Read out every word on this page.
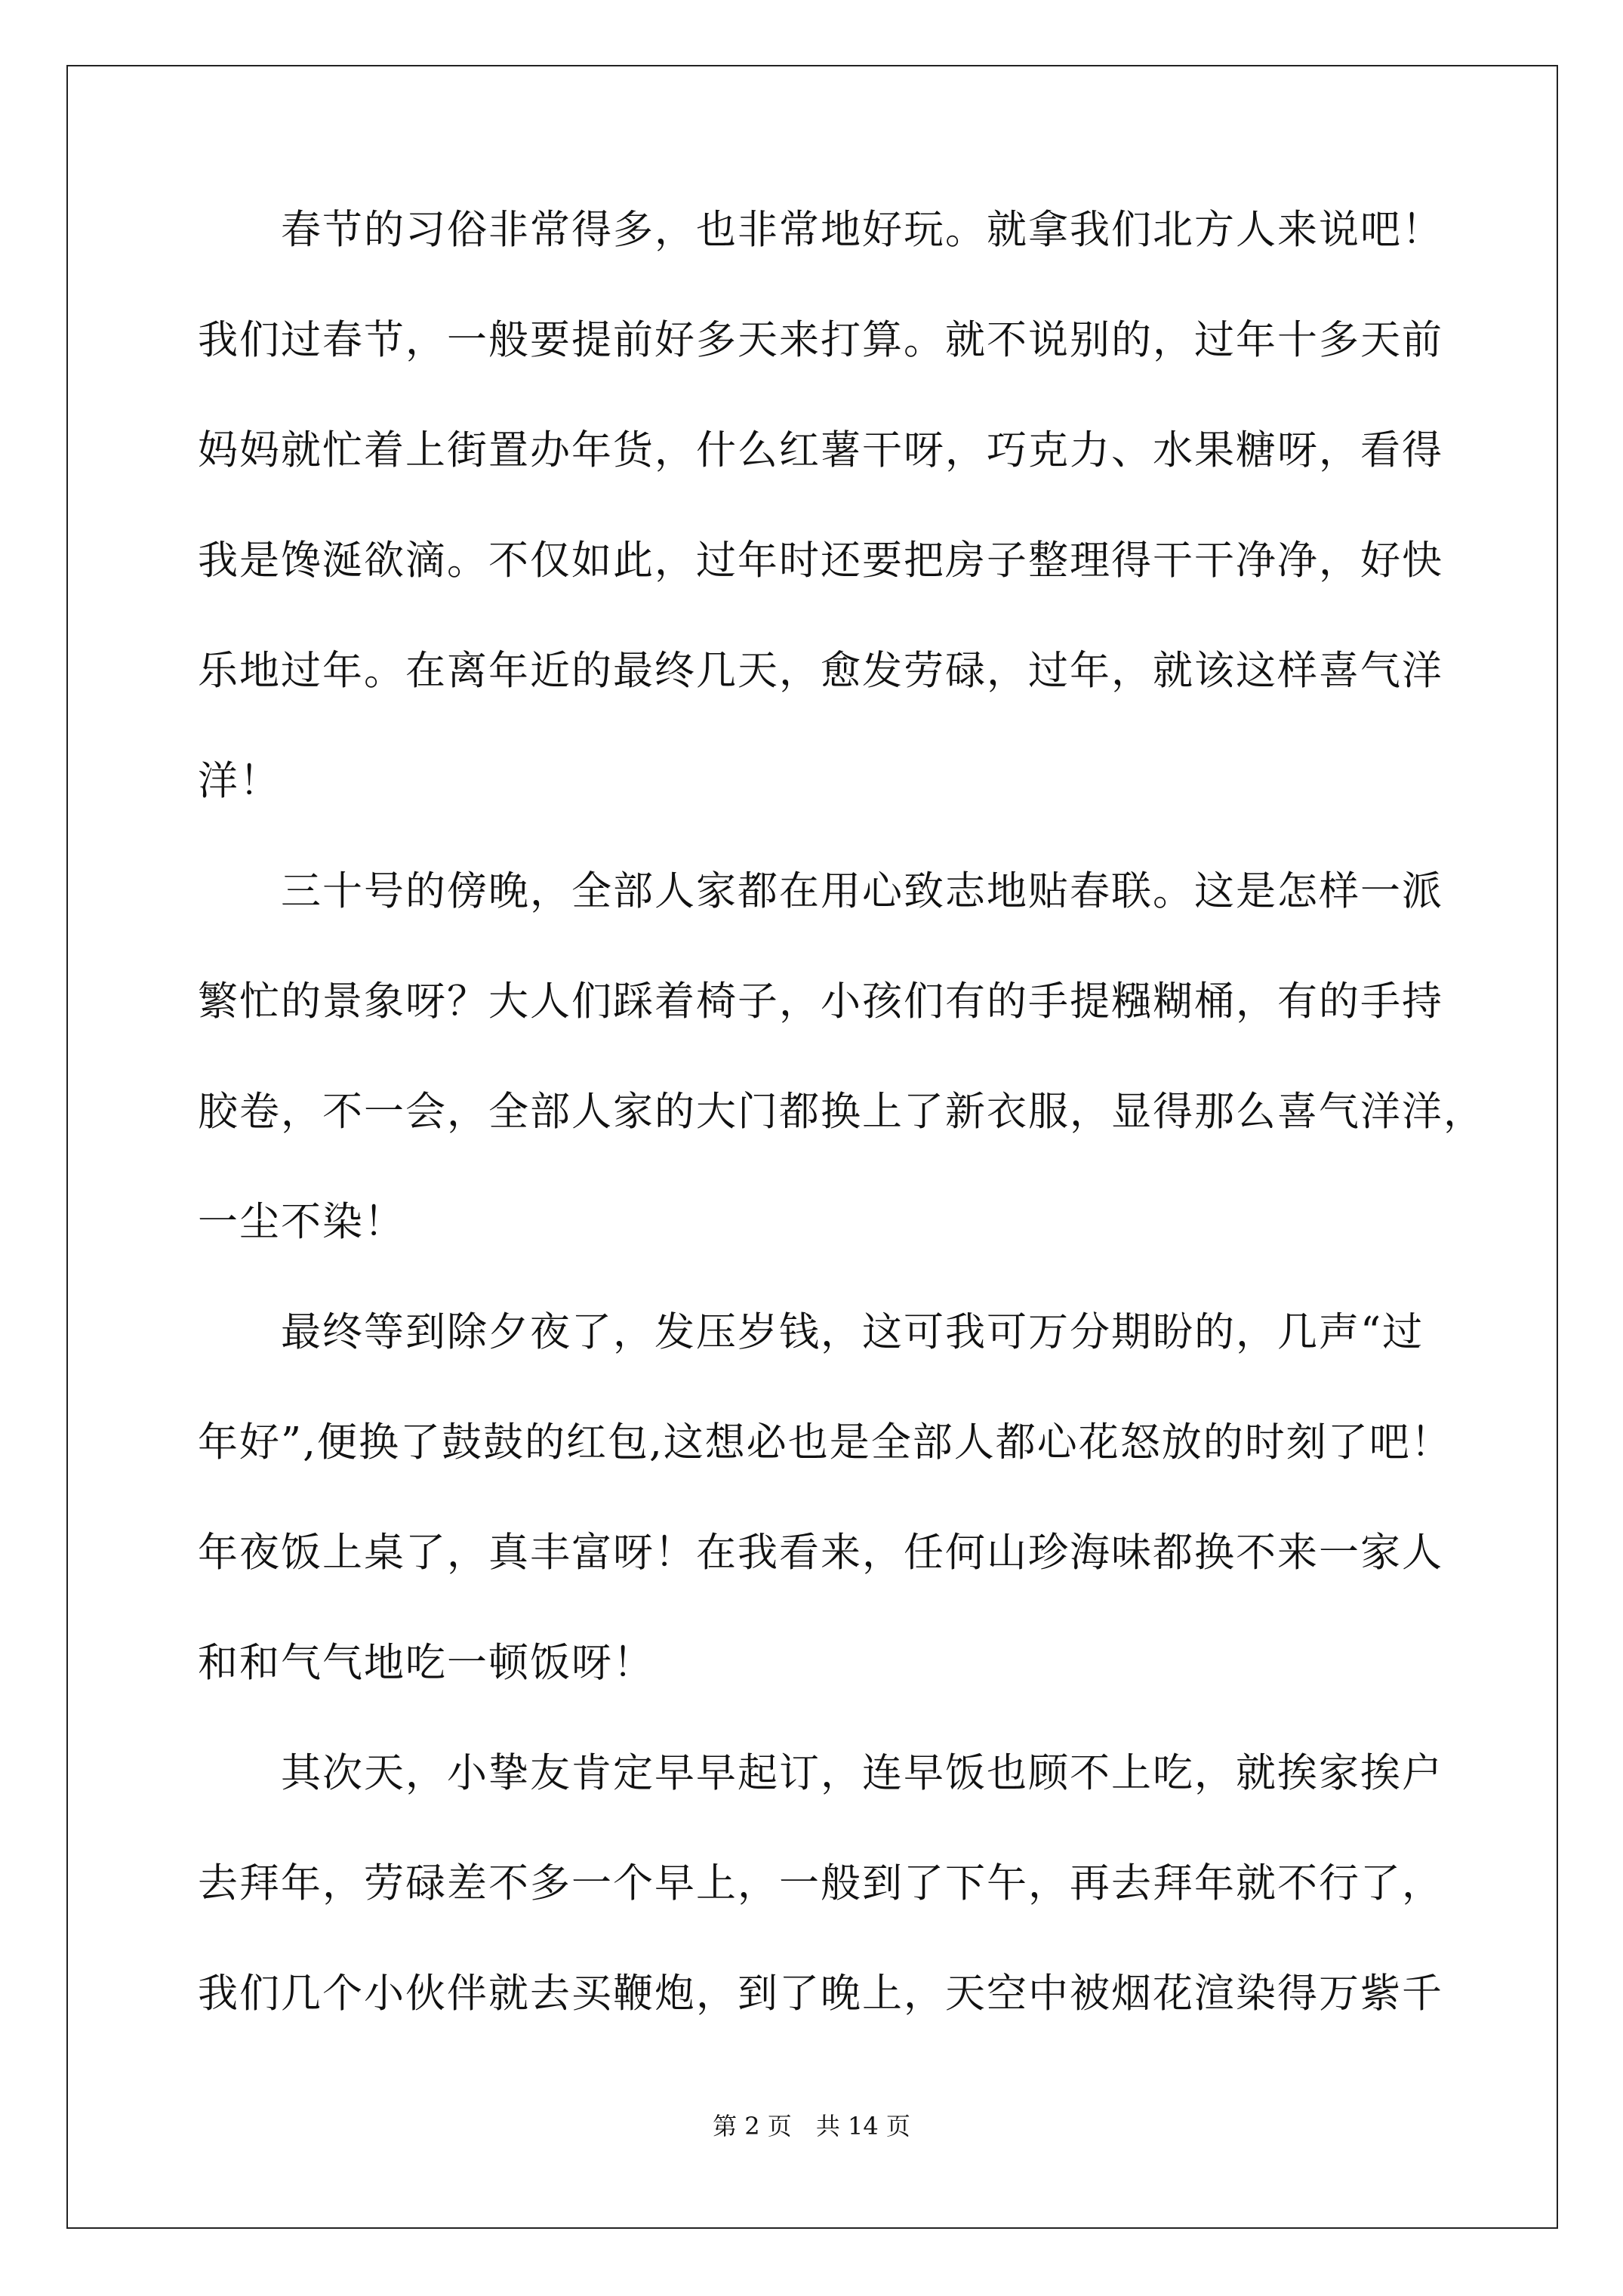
春节的习俗非常得多，也非常地好玩。就拿我们北方人来说吧！
我们过春节，一般要提前好多天来打算。就不说别的，过年十多天前
妈妈就忙着上街置办年货，什么红薯干呀，巧克力、水果糖呀，看得
我是馋涎欲滴。不仅如此，过年时还要把房子整理得干干净净，好快
乐地过年。在离年近的最终几天，愈发劳碌，过年，就该这样喜气洋
洋！
三十号的傍晚，全部人家都在用心致志地贴春联。这是怎样一派
繁忙的景象呀？大人们踩着椅子，小孩们有的手提糨糊桶，有的手持
胶卷，不一会，全部人家的大门都换上了新衣服，显得那么喜气洋洋，
一尘不染！
最终等到除夕夜了，发压岁钱，这可我可万分期盼的，几声“过
年好”,便换了鼓鼓的红包,这想必也是全部人都心花怒放的时刻了吧！
年夜饭上桌了，真丰富呀！在我看来，任何山珍海味都换不来一家人
和和气气地吃一顿饭呀！
其次天，小挚友肯定早早起订，连早饭也顾不上吃，就挨家挨户
去拜年，劳碌差不多一个早上，一般到了下午，再去拜年就不行了，
我们几个小伙伴就去买鞭炮，到了晚上，天空中被烟花渲染得万紫千
第 2 页 共 14 页
